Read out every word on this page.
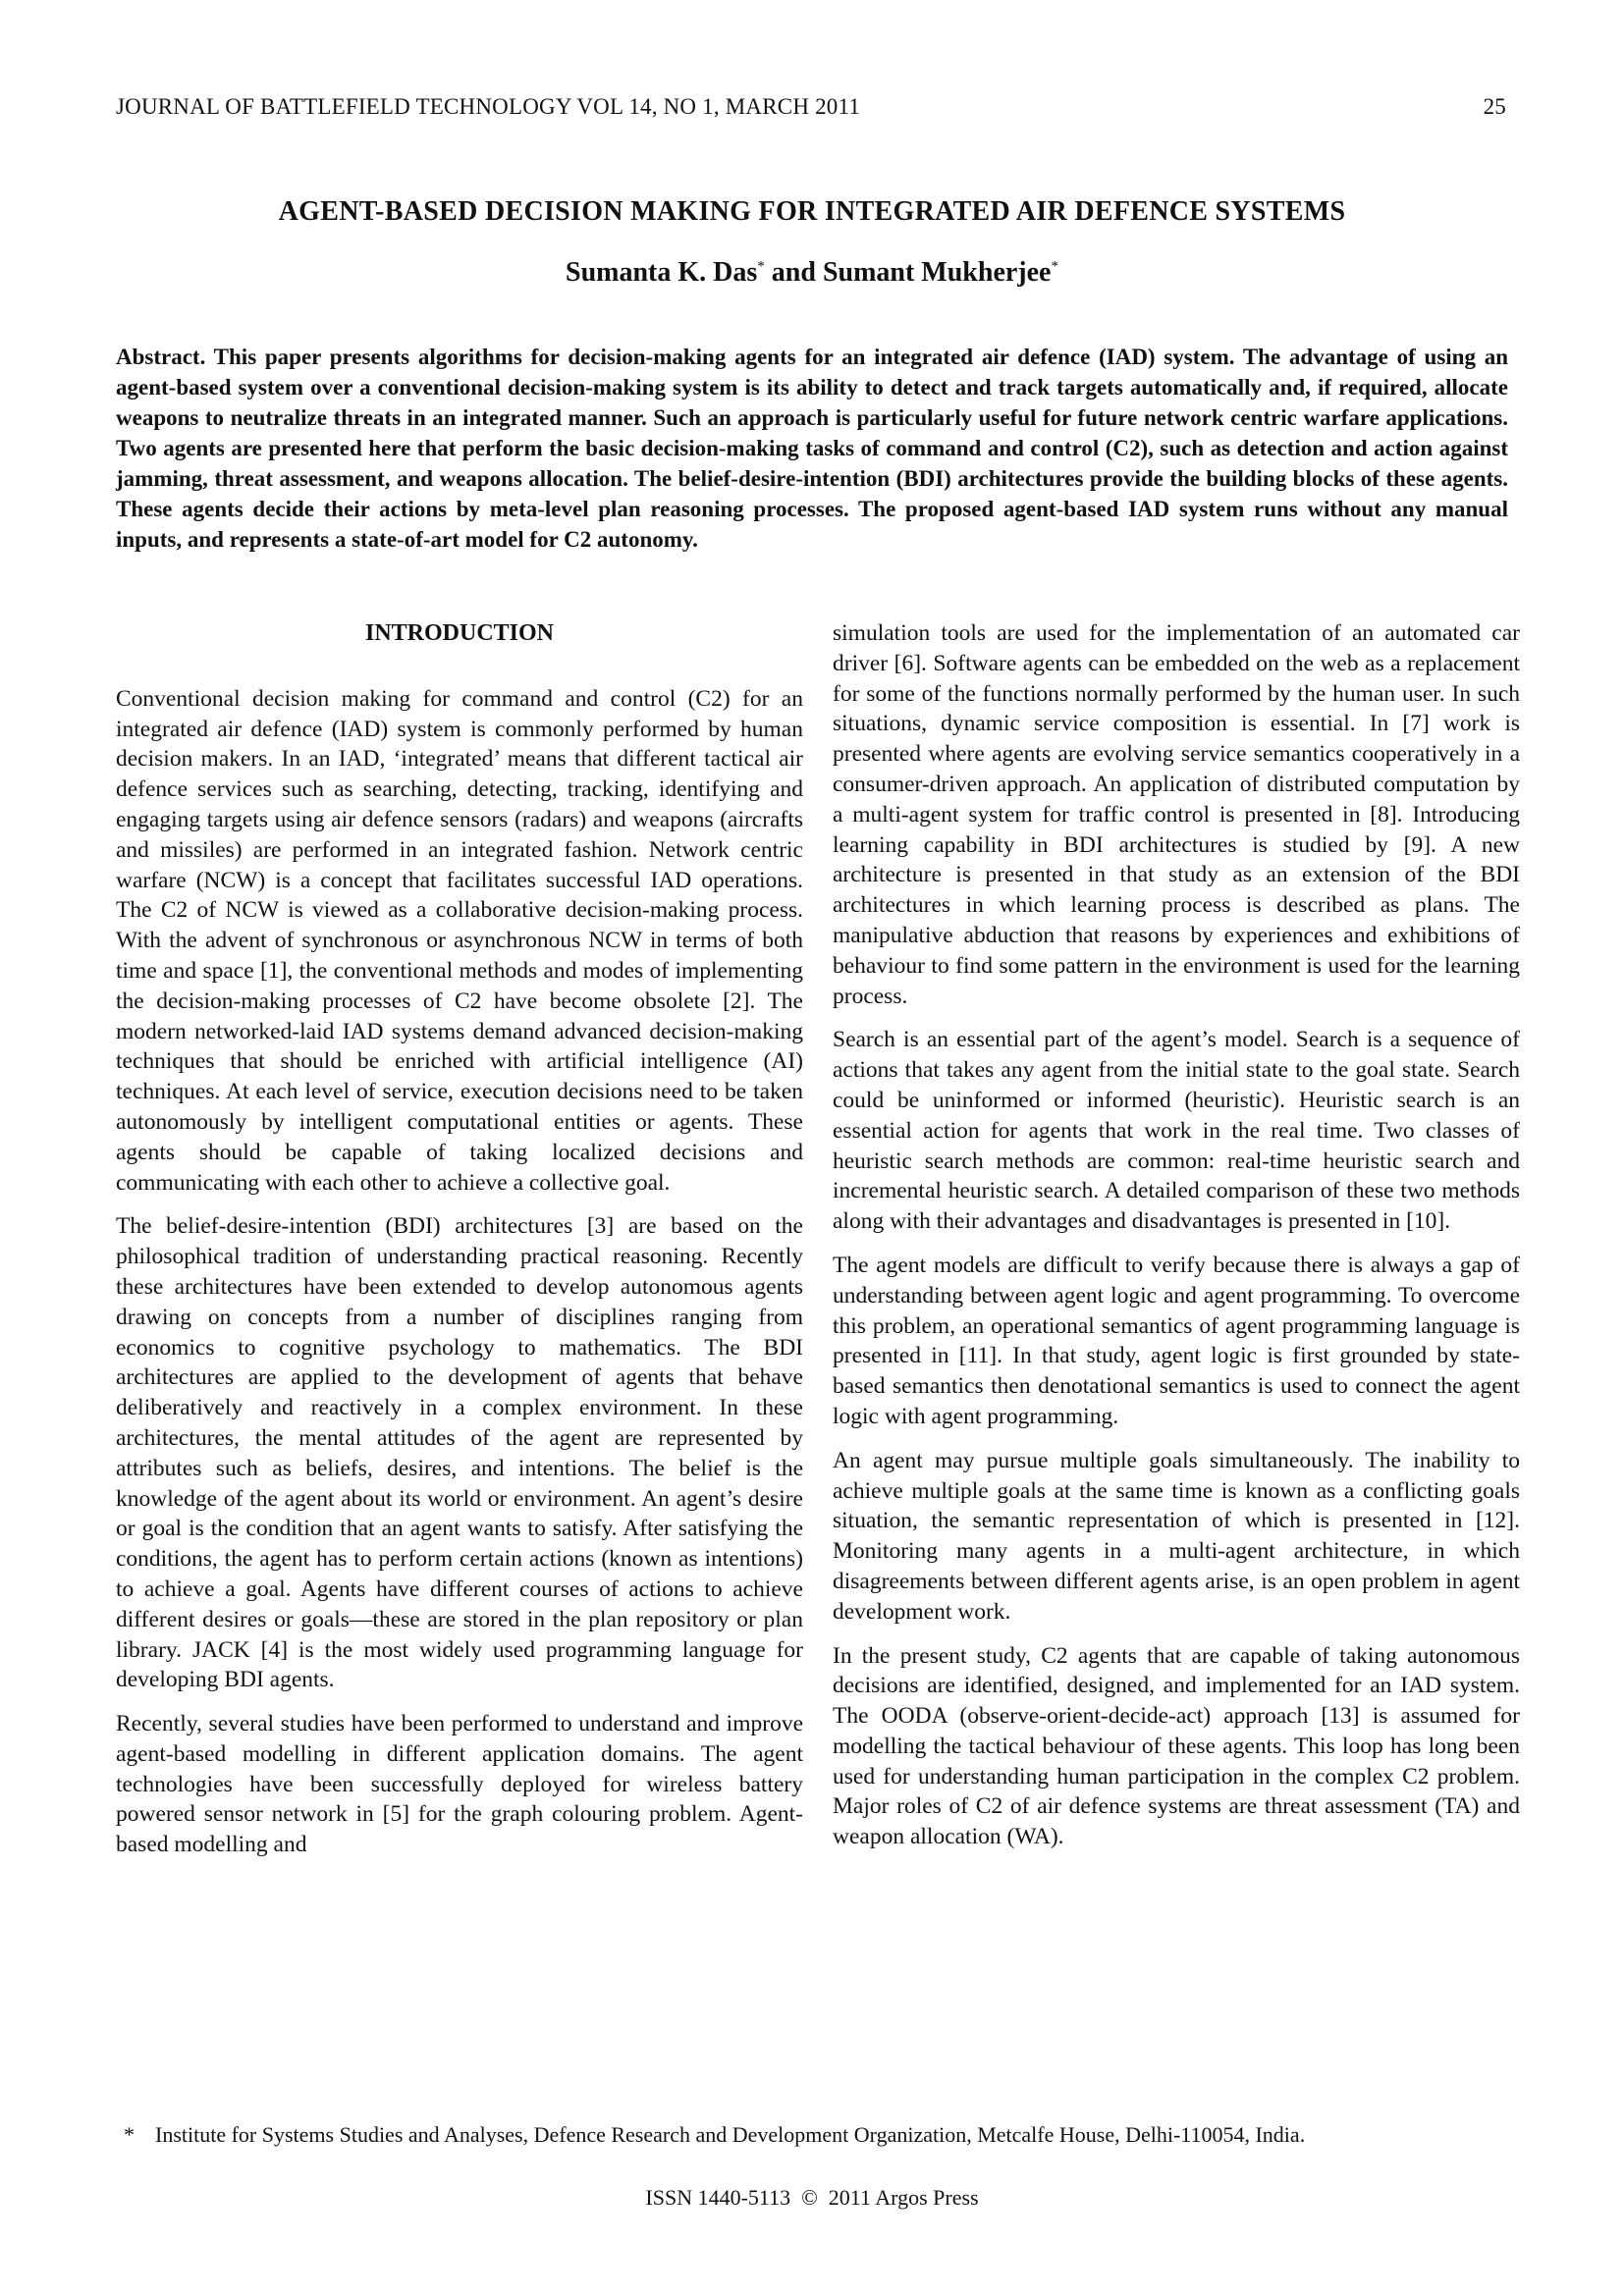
JOURNAL OF BATTLEFIELD TECHNOLOGY VOL 14, NO 1, MARCH 2011	25
AGENT-BASED DECISION MAKING FOR INTEGRATED AIR DEFENCE SYSTEMS
Sumanta K. Das* and Sumant Mukherjee*
Abstract. This paper presents algorithms for decision-making agents for an integrated air defence (IAD) system. The advantage of using an agent-based system over a conventional decision-making system is its ability to detect and track targets automatically and, if required, allocate weapons to neutralize threats in an integrated manner. Such an approach is particularly useful for future network centric warfare applications. Two agents are presented here that perform the basic decision-making tasks of command and control (C2), such as detection and action against jamming, threat assessment, and weapons allocation. The belief-desire-intention (BDI) architectures provide the building blocks of these agents. These agents decide their actions by meta-level plan reasoning processes. The proposed agent-based IAD system runs without any manual inputs, and represents a state-of-art model for C2 autonomy.
INTRODUCTION

Conventional decision making for command and control (C2) for an integrated air defence (IAD) system is commonly performed by human decision makers. In an IAD, ‘integrated’ means that different tactical air defence services such as searching, detecting, tracking, identifying and engaging targets using air defence sensors (radars) and weapons (aircrafts and missiles) are performed in an integrated fashion. Network centric warfare (NCW) is a concept that facilitates successful IAD operations. The C2 of NCW is viewed as a collaborative decision-making process. With the advent of synchronous or asynchronous NCW in terms of both time and space [1], the conventional methods and modes of implementing the decision-making processes of C2 have become obsolete [2]. The modern networked-laid IAD systems demand advanced decision-making techniques that should be enriched with artificial intelligence (AI) techniques. At each level of service, execution decisions need to be taken autonomously by intelligent computational entities or agents. These agents should be capable of taking localized decisions and communicating with each other to achieve a collective goal.

The belief-desire-intention (BDI) architectures [3] are based on the philosophical tradition of understanding practical reasoning. Recently these architectures have been extended to develop autonomous agents drawing on concepts from a number of disciplines ranging from economics to cognitive psychology to mathematics. The BDI architectures are applied to the development of agents that behave deliberatively and reactively in a complex environment. In these architectures, the mental attitudes of the agent are represented by attributes such as beliefs, desires, and intentions. The belief is the knowledge of the agent about its world or environment. An agent’s desire or goal is the condition that an agent wants to satisfy. After satisfying the conditions, the agent has to perform certain actions (known as intentions) to achieve a goal. Agents have different courses of actions to achieve different desires or goals—these are stored in the plan repository or plan library. JACK [4] is the most widely used programming language for developing BDI agents.

Recently, several studies have been performed to understand and improve agent-based modelling in different application domains. The agent technologies have been successfully deployed for wireless battery powered sensor network in [5] for the graph colouring problem. Agent-based modelling and

simulation tools are used for the implementation of an automated car driver [6]. Software agents can be embedded on the web as a replacement for some of the functions normally performed by the human user. In such situations, dynamic service composition is essential. In [7] work is presented where agents are evolving service semantics cooperatively in a consumer-driven approach. An application of distributed computation by a multi-agent system for traffic control is presented in [8]. Introducing learning capability in BDI architectures is studied by [9]. A new architecture is presented in that study as an extension of the BDI architectures in which learning process is described as plans. The manipulative abduction that reasons by experiences and exhibitions of behaviour to find some pattern in the environment is used for the learning process.

Search is an essential part of the agent’s model. Search is a sequence of actions that takes any agent from the initial state to the goal state. Search could be uninformed or informed (heuristic). Heuristic search is an essential action for agents that work in the real time. Two classes of heuristic search methods are common: real-time heuristic search and incremental heuristic search. A detailed comparison of these two methods along with their advantages and disadvantages is presented in [10].

The agent models are difficult to verify because there is always a gap of understanding between agent logic and agent programming. To overcome this problem, an operational semantics of agent programming language is presented in [11]. In that study, agent logic is first grounded by state-based semantics then denotational semantics is used to connect the agent logic with agent programming.

An agent may pursue multiple goals simultaneously. The inability to achieve multiple goals at the same time is known as a conflicting goals situation, the semantic representation of which is presented in [12]. Monitoring many agents in a multi-agent architecture, in which disagreements between different agents arise, is an open problem in agent development work.

In the present study, C2 agents that are capable of taking autonomous decisions are identified, designed, and implemented for an IAD system. The OODA (observe-orient-decide-act) approach [13] is assumed for modelling the tactical behaviour of these agents. This loop has long been used for understanding human participation in the complex C2 problem. Major roles of C2 of air defence systems are threat assessment (TA) and weapon allocation (WA).

* Institute for Systems Studies and Analyses, Defence Research and Development Organization, Metcalfe House, Delhi-110054, India.
ISSN 1440-5113  ©  2011 Argos Press
